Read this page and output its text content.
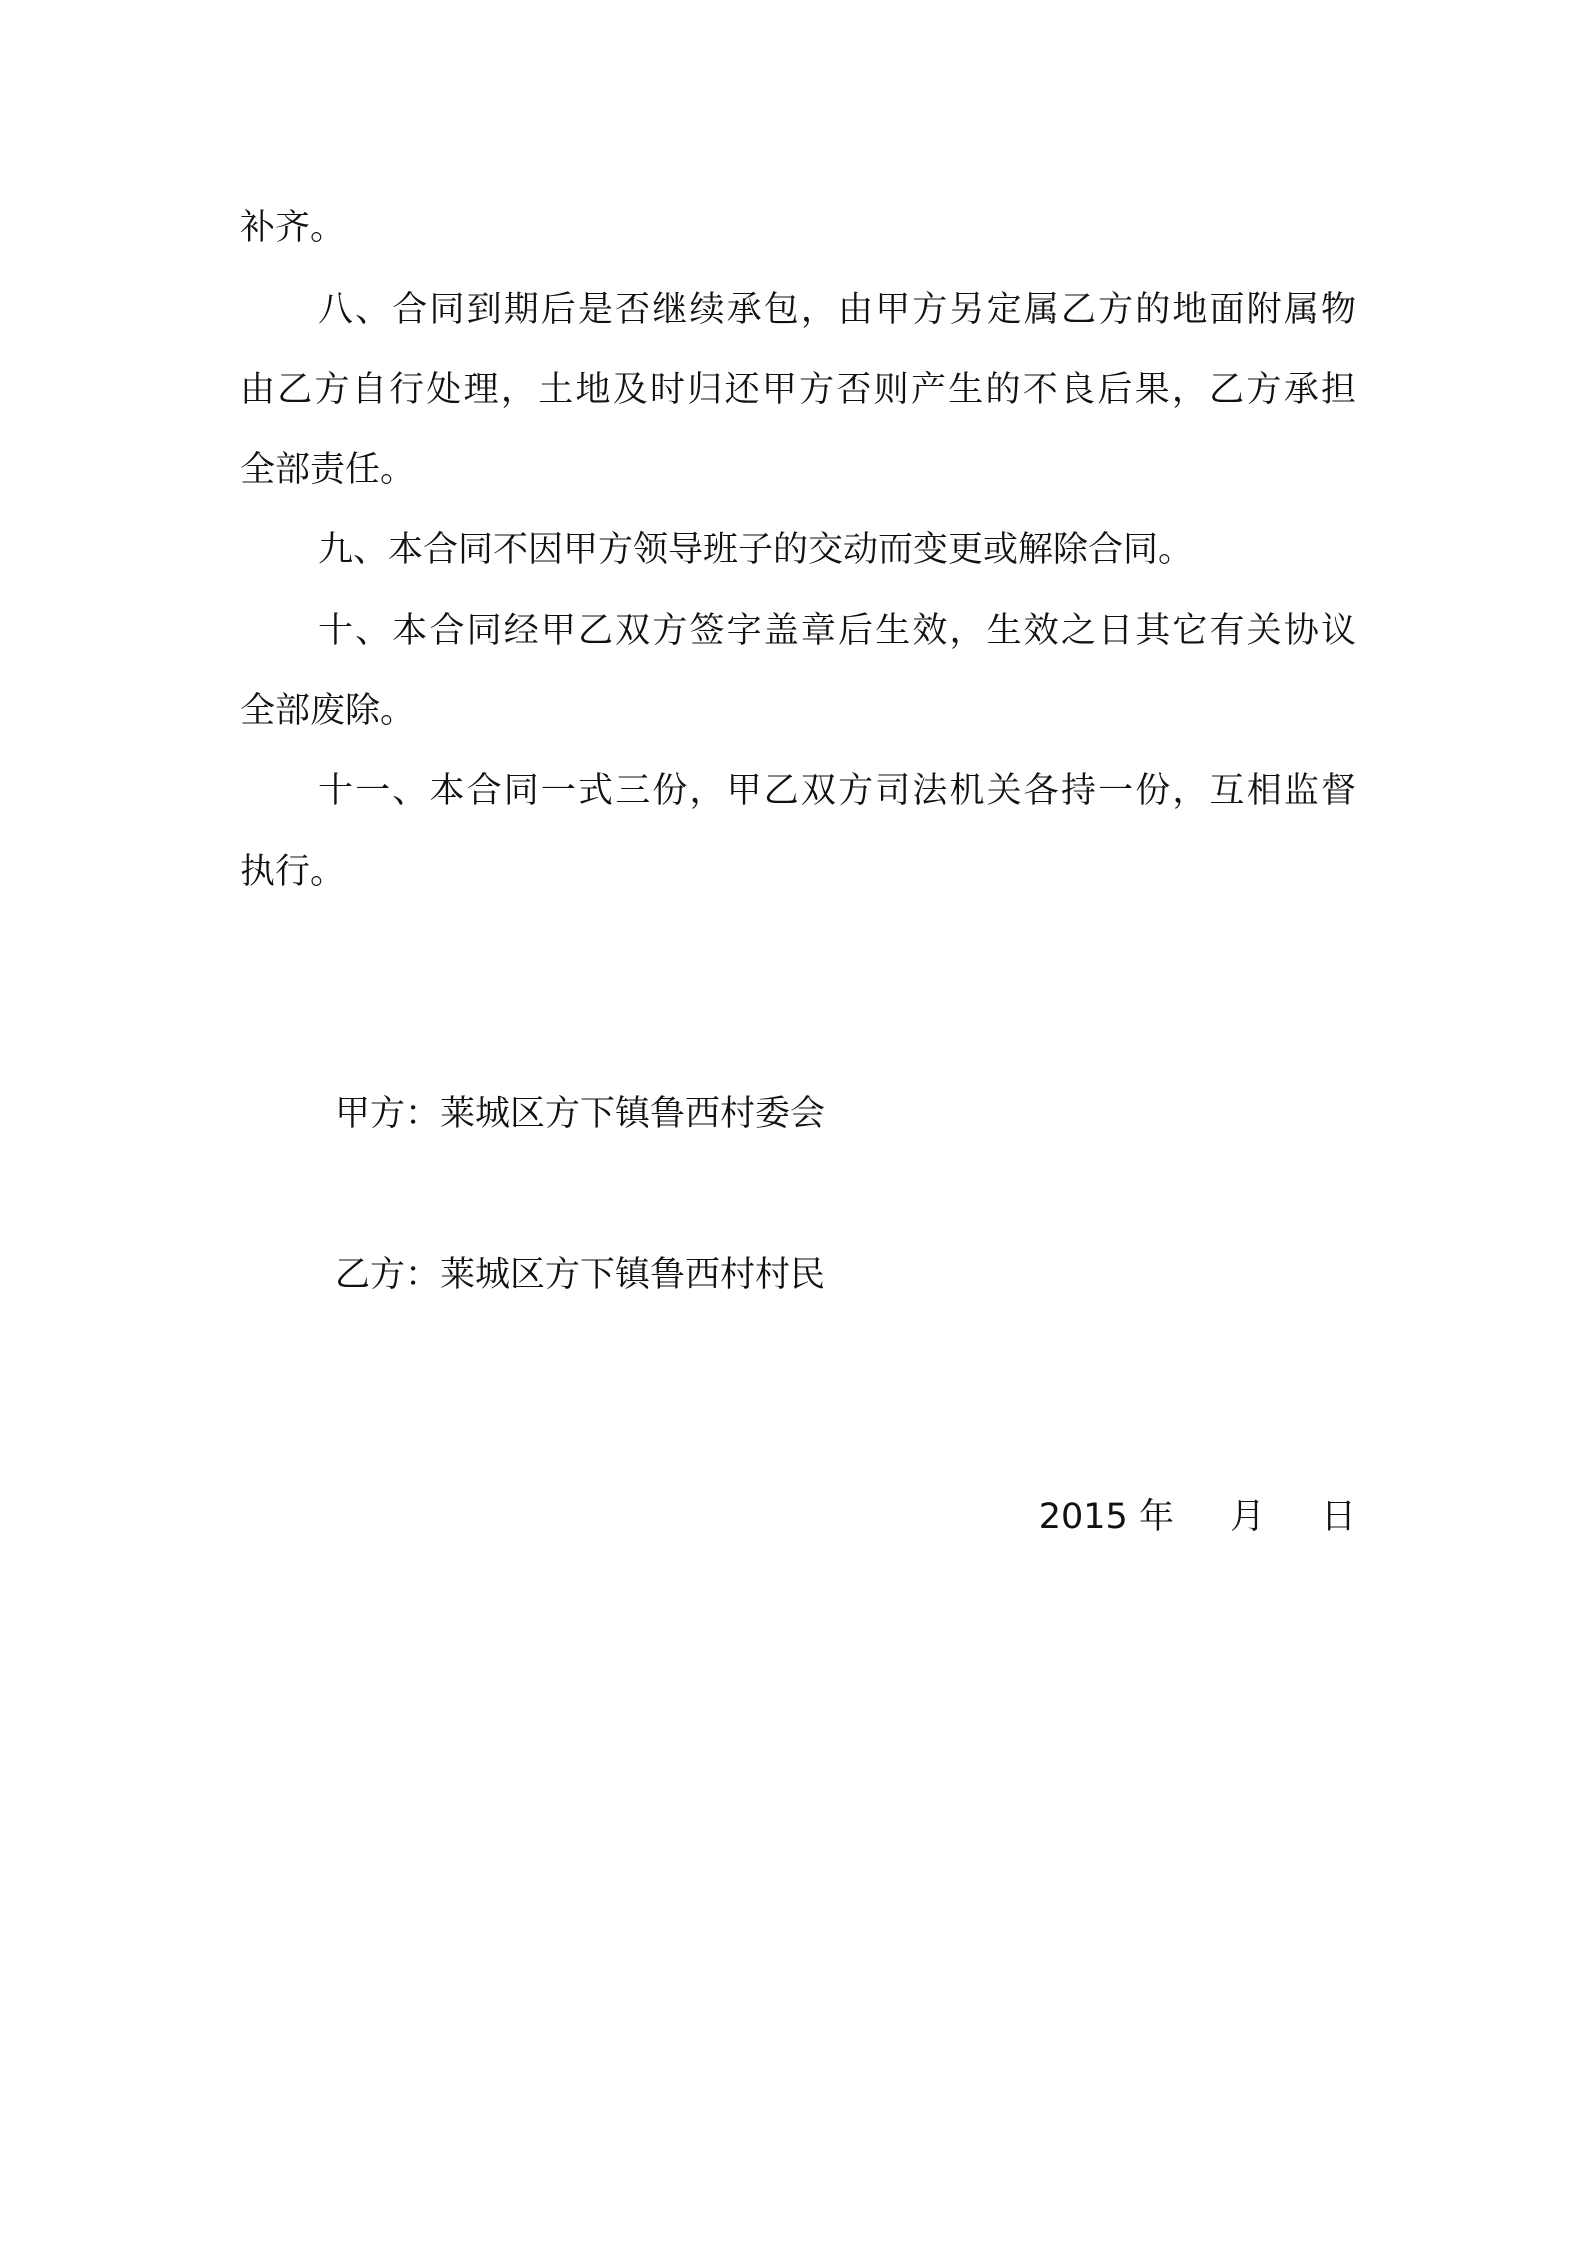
补齐。
八、合同到期后是否继续承包，由甲方另定属乙方的地面附属物
由乙方自行处理，土地及时归还甲方否则产生的不良后果，乙方承担
全部责任。
九、本合同不因甲方领导班子的交动而变更或解除合同。
十、本合同经甲乙双方签字盖章后生效，生效之日其它有关协议
全部废除。
十一、本合同一式三份，甲乙双方司法机关各持一份，互相监督
执行。
甲方：莱城区方下镇鲁西村委会
乙方：莱城区方下镇鲁西村村民
2015 年 月 日
